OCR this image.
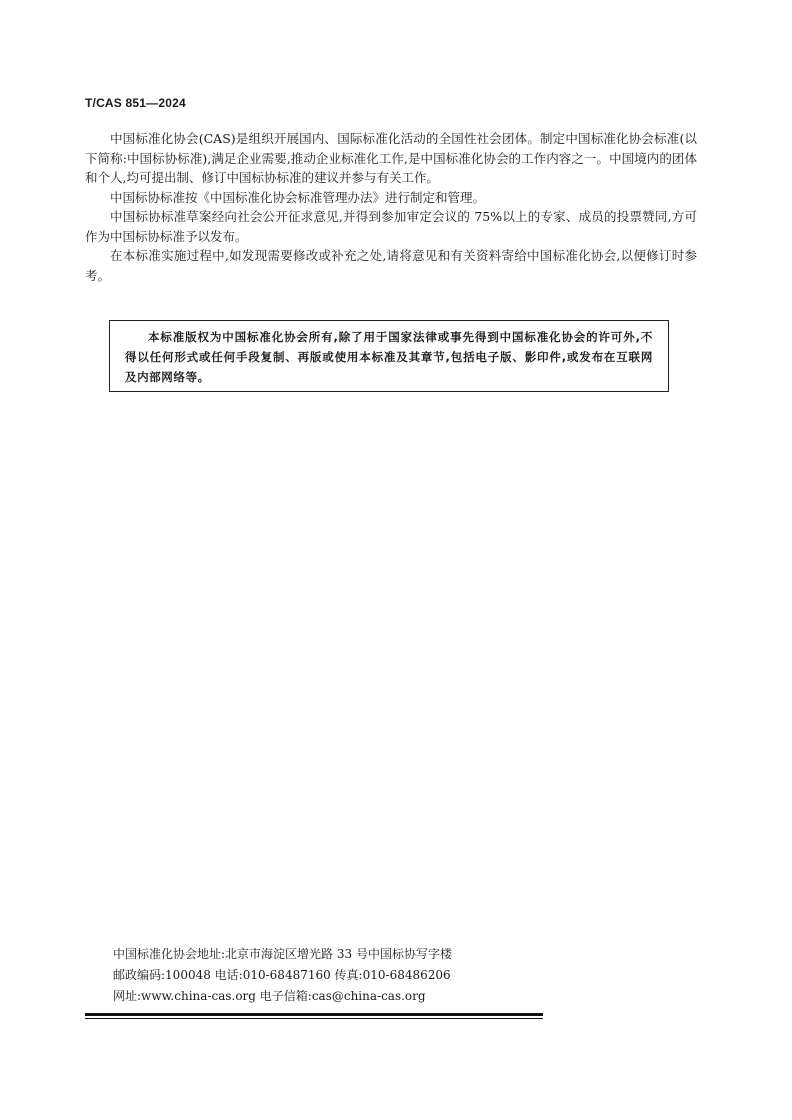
T/CAS 851—2024

中国标准化协会(CAS)是组织开展国内、国际标准化活动的全国性社会团体。制定中国标准化协会标准(以下简称:中国标协标准),满足企业需要,推动企业标准化工作,是中国标准化协会的工作内容之一。中国境内的团体和个人,均可提出制、修订中国标协标准的建议并参与有关工作。

中国标协标准按《中国标准化协会标准管理办法》进行制定和管理。

中国标协标准草案经向社会公开征求意见,并得到参加审定会议的 75%以上的专家、成员的投票赞同,方可作为中国标协标准予以发布。

在本标准实施过程中,如发现需要修改或补充之处,请将意见和有关资料寄给中国标准化协会,以便修订时参考。

本标准版权为中国标准化协会所有,除了用于国家法律或事先得到中国标准化协会的许可外,不得以任何形式或任何手段复制、再版或使用本标准及其章节,包括电子版、影印件,或发布在互联网及内部网络等。

中国标准化协会地址:北京市海淀区增光路 33 号中国标协写字楼
邮政编码:100048 电话:010-68487160 传真:010-68486206
网址:www.china-cas.org 电子信箱:cas@china-cas.org
